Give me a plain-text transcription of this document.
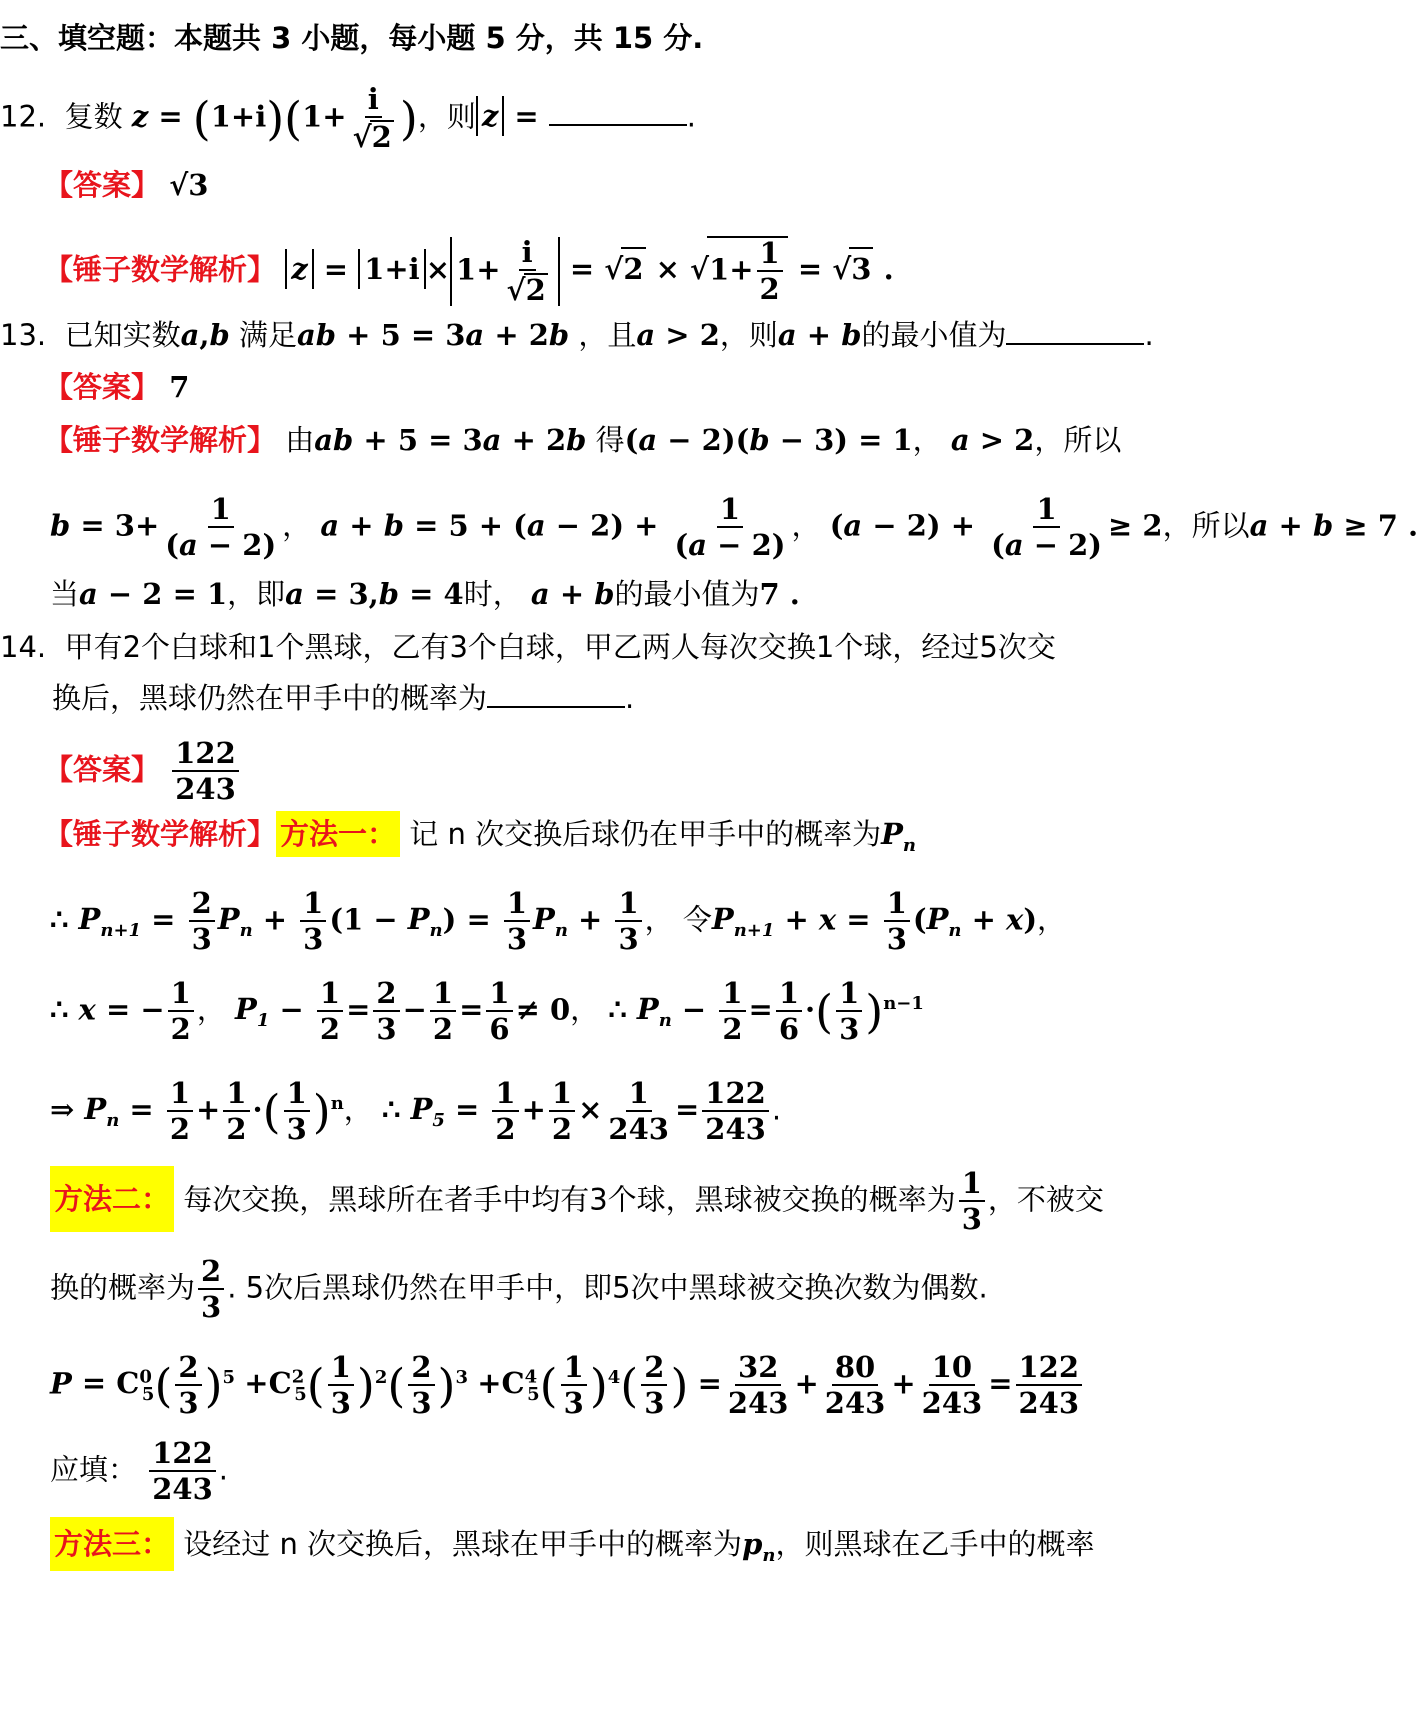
三、填空题：本题共 3 小题，每小题 5 分，共 15 分.
12. 复数 $z = (1+i)(1+ \frac{i}{√2}$ )，则 z =	.
【答案】 √3
【锤子数学解析】 $z = 1+i \times 1+ \frac{i}{√2} = √2 \times √1+ \frac{1}{2} = √3$ .
13. 已知实数a,b 满足ab + 5 = 3a + 2b ，且a > 2，则a + b的最小值为	.
【答案】 7
【锤子数学解析】 由ab + 5 = 3a + 2b 得(a − 2)(b − 3) = 1， a > 2，所以
$b = 3+ \frac{1}{(a - 2)}$ ， $a + b = 5 + (a - 2) + \frac{1}{(a - 2)}$ ， $(a - 2) + \frac{1}{(a - 2)} \ge 2$，所以a + b ≥ 7 .
当a − 2 = 1，即a = 3,b = 4时， a + b的最小值为7 .
14. 甲有2个白球和1个黑球，乙有3个白球，甲乙两人每次交换1个球，经过5次交
换后，黑球仍然在甲手中的概率为	.
【答案】 $\frac{122}{243}$
【锤子数学解析】 方法一： 记 n 次交换后球仍在甲手中的概率为$P_n$
∴ $P_{n+1} = \frac{2}{3} P_n + \frac{1}{3} (1 - P_n) = \frac{1}{3} P_n + \frac{1}{3}$ ， 令$P_{n+1} + x = \frac{1}{3} (P_n + x)$，
∴ x = − $\frac{1}{2}$ ， $P_1 - \frac{1}{2} = \frac{2}{3} - \frac{1}{2} = \frac{1}{6} \ne 0$， ∴ $P_n - \frac{1}{2} = \frac{1}{6}$ ·( $\frac{1}{3} )^{n-1}$
⇒ $P_n = \frac{1}{2} + \frac{1}{2}$ ·( $\frac{1}{3} )^n$， ∴ $P_5 = \frac{1}{2} + \frac{1}{2} \times \frac{1}{243} = \frac{122}{243}$ .
方法二： 每次交换，黑球所在者手中均有3个球，黑球被交换的概率为 $\frac{1}{3}$ ，不被交
换的概率为 $\frac{2}{3}$ . 5次后黑球仍然在甲手中，即5次中黑球被交换次数为偶数.
$P = C^0_5( \frac{2}{3} )^5 +C^2_5( \frac{1}{3} )^2( \frac{2}{3} )^3 +C^4_5( \frac{1}{3} )^4( \frac{2}{3}$ ) = $\frac{32}{243} + \frac{80}{243} + \frac{10}{243} = \frac{122}{243}$
应填： $\frac{122}{243}$ .
方法三： 设经过 n 次交换后，黑球在甲手中的概率为$p_n$，则黑球在乙手中的概率
